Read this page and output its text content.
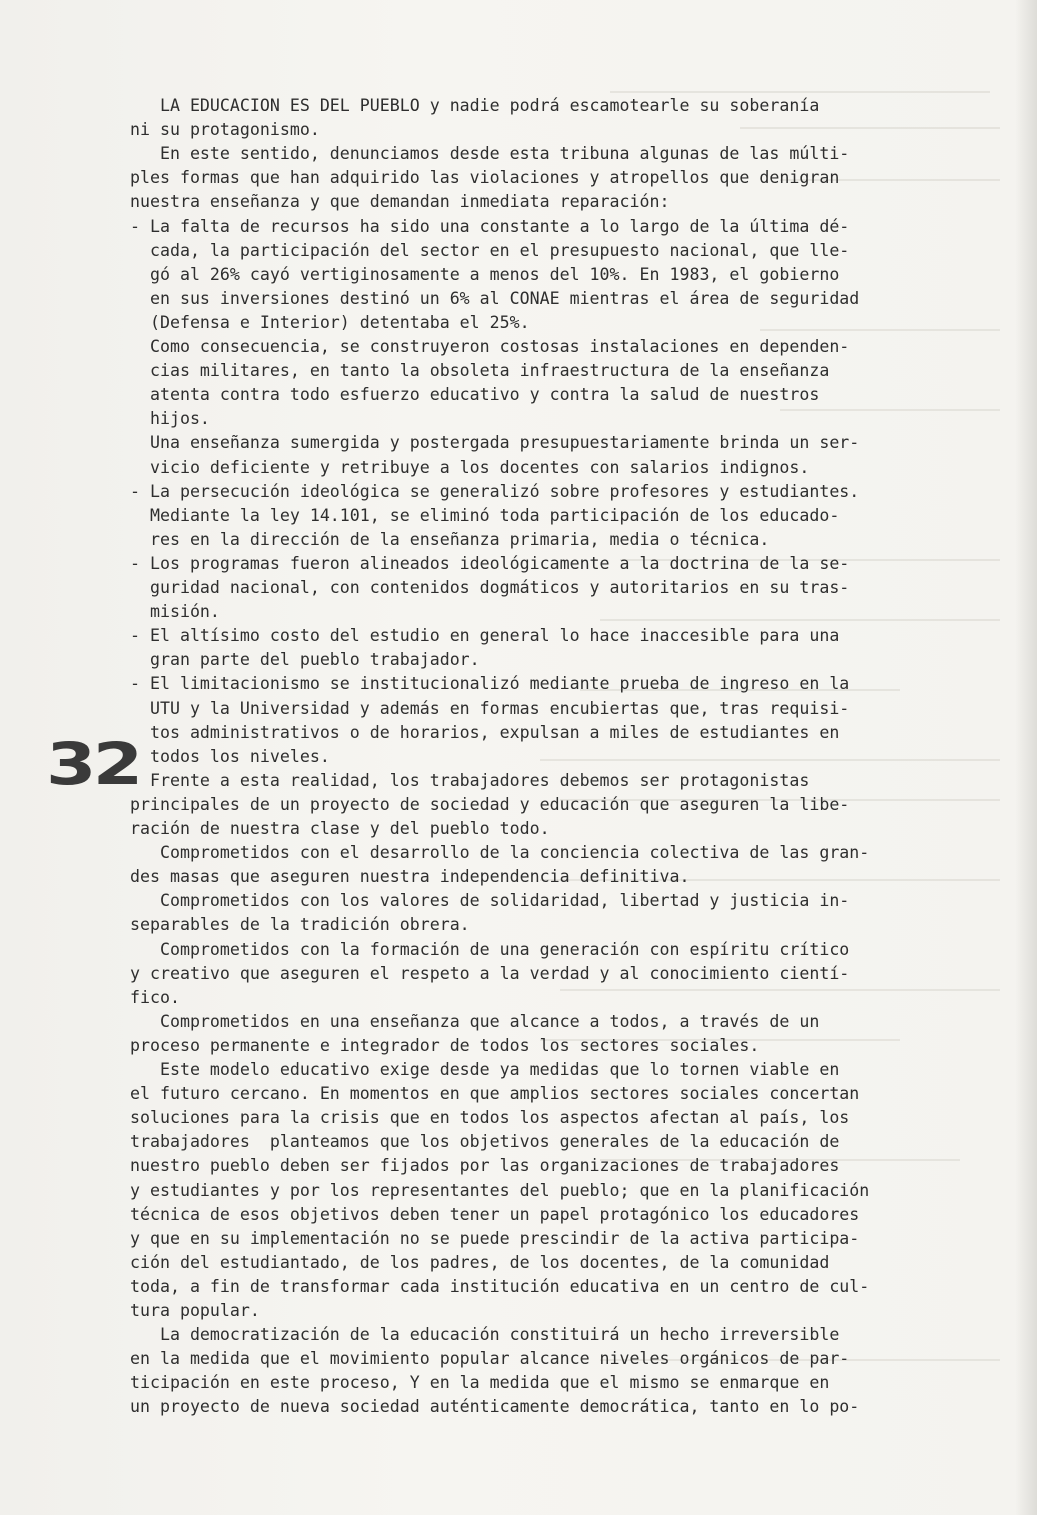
32
LA EDUCACION ES DEL PUEBLO y nadie podrá escamotearle su soberanía
ni su protagonismo.
En este sentido, denunciamos desde esta tribuna algunas de las múlti-
ples formas que han adquirido las violaciones y atropellos que denigran
nuestra enseñanza y que demandan inmediata reparación:
- La falta de recursos ha sido una constante a lo largo de la última dé-
cada, la participación del sector en el presupuesto nacional, que lle-
gó al 26% cayó vertiginosamente a menos del 10%. En 1983, el gobierno
en sus inversiones destinó un 6% al CONAE mientras el área de seguridad
(Defensa e Interior) detentaba el 25%.
Como consecuencia, se construyeron costosas instalaciones en dependen-
cias militares, en tanto la obsoleta infraestructura de la enseñanza
atenta contra todo esfuerzo educativo y contra la salud de nuestros
hijos.
Una enseñanza sumergida y postergada presupuestariamente brinda un ser-
vicio deficiente y retribuye a los docentes con salarios indignos.
- La persecución ideológica se generalizó sobre profesores y estudiantes.
Mediante la ley 14.101, se eliminó toda participación de los educado-
res en la dirección de la enseñanza primaria, media o técnica.
- Los programas fueron alineados ideológicamente a la doctrina de la se-
guridad nacional, con contenidos dogmáticos y autoritarios en su tras-
misión.
- El altísimo costo del estudio en general lo hace inaccesible para una
gran parte del pueblo trabajador.
- El limitacionismo se institucionalizó mediante prueba de ingreso en la
UTU y la Universidad y además en formas encubiertas que, tras requisi-
tos administrativos o de horarios, expulsan a miles de estudiantes en
todos los niveles.
Frente a esta realidad, los trabajadores debemos ser protagonistas
principales de un proyecto de sociedad y educación que aseguren la libe-
ración de nuestra clase y del pueblo todo.
Comprometidos con el desarrollo de la conciencia colectiva de las gran-
des masas que aseguren nuestra independencia definitiva.
Comprometidos con los valores de solidaridad, libertad y justicia in-
separables de la tradición obrera.
Comprometidos con la formación de una generación con espíritu crítico
y creativo que aseguren el respeto a la verdad y al conocimiento cientí-
fico.
Comprometidos en una enseñanza que alcance a todos, a través de un
proceso permanente e integrador de todos los sectores sociales.
Este modelo educativo exige desde ya medidas que lo tornen viable en
el futuro cercano. En momentos en que amplios sectores sociales concertan
soluciones para la crisis que en todos los aspectos afectan al país, los
trabajadores  planteamos que los objetivos generales de la educación de
nuestro pueblo deben ser fijados por las organizaciones de trabajadores
y estudiantes y por los representantes del pueblo; que en la planificación
técnica de esos objetivos deben tener un papel protagónico los educadores
y que en su implementación no se puede prescindir de la activa participa-
ción del estudiantado, de los padres, de los docentes, de la comunidad
toda, a fin de transformar cada institución educativa en un centro de cul-
tura popular.
La democratización de la educación constituirá un hecho irreversible
en la medida que el movimiento popular alcance niveles orgánicos de par-
ticipación en este proceso, Y en la medida que el mismo se enmarque en
un proyecto de nueva sociedad auténticamente democrática, tanto en lo po-
